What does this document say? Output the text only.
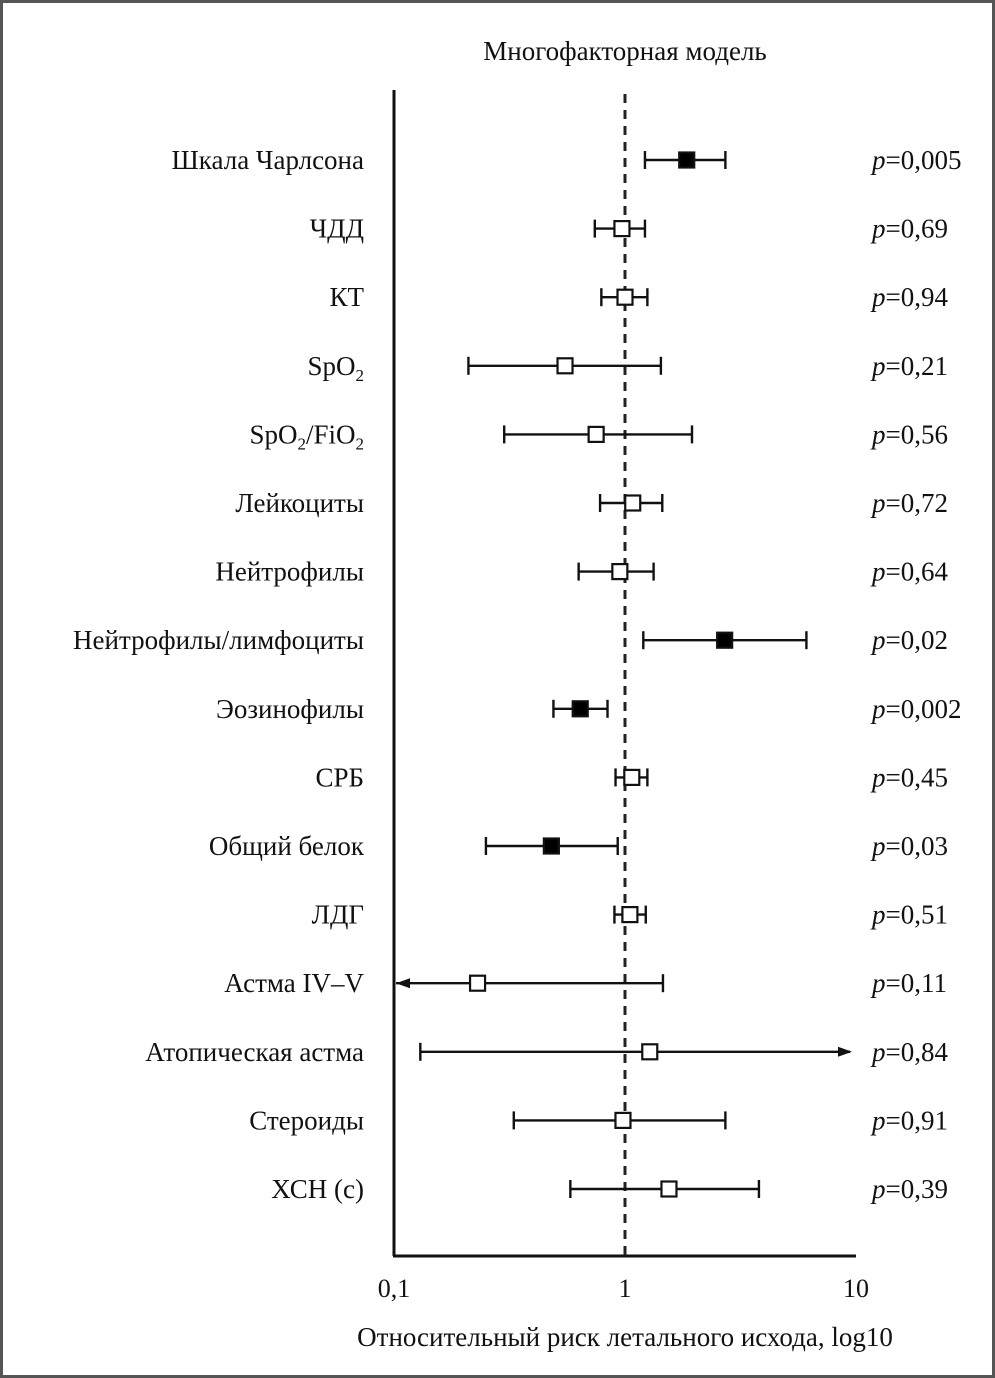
Многофакторная модель
Шкала Чарлсона	p=0,005
ЧДД	p=0,69
КТ	p=0,94
SpO$_2$	p=0,21
SpO$_2$/FiO$_2$	p=0,56
Лейкоциты	p=0,72
Нейтрофилы	p=0,64
Нейтрофилы/лимфоциты	p=0,02
Эозинофилы	p=0,002
СРБ	p=0,45
Общий белок	p=0,03
ЛДГ	p=0,51
Астма IV–V	p=0,11
Атопическая астма	p=0,84
Стероиды	p=0,91
ХСН (с)	p=0,39
0,1	1	10
Относительный риск летального исхода, log10
